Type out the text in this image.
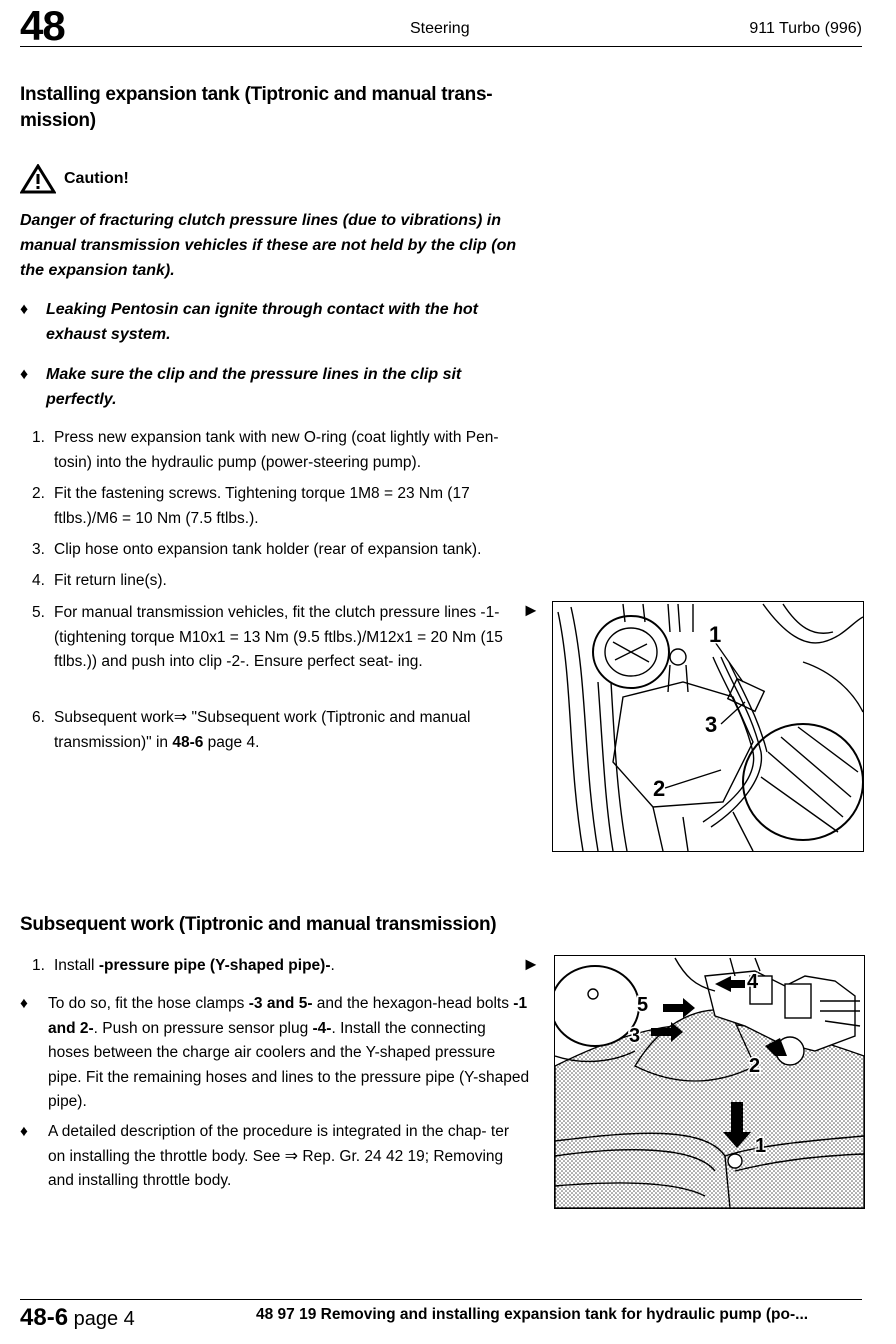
48	Steering	911 Turbo (996)
Installing expansion tank (Tiptronic and manual trans- mission)
Caution!
Danger of fracturing clutch pressure lines (due to vibrations) in manual transmission vehicles if these are not held by the clip (on the expansion tank).
♦	Leaking Pentosin can ignite through contact with the hot exhaust system.
♦	Make sure the clip and the pressure lines in the clip sit perfectly.
1. Press new expansion tank with new O-ring (coat lightly with Pen- tosin) into the hydraulic pump (power-steering pump).
2. Fit the fastening screws. Tightening torque 1M8 = 23 Nm (17 ftlbs.)/M6 = 10 Nm (7.5 ftlbs.).
3. Clip hose onto expansion tank holder (rear of expansion tank).
4. Fit return line(s).
5. For manual transmission vehicles, fit the clutch pressure lines -1- (tightening torque M10x1 = 13 Nm (9.5 ftlbs.)/M12x1 = 20 Nm (15 ftlbs.)) and push into clip -2-. Ensure perfect seat- ing.
6. Subsequent work⇒ "Subsequent work (Tiptronic and manual transmission)" in 48-6 page 4.
►
1
2
3
Subsequent work (Tiptronic and manual transmission)
1. Install -pressure pipe (Y-shaped pipe)-.
♦	To do so, fit the hose clamps -3 and 5- and the hexagon-head bolts -1 and 2-. Push on pressure sensor plug -4-. Install the connecting hoses between the charge air coolers and the Y-shaped pressure pipe. Fit the remaining hoses and lines to the pressure pipe (Y-shaped pipe).
♦	A detailed description of the procedure is integrated in the chap- ter on installing the throttle body. See ⇒ Rep. Gr. 24 42 19; Removing and installing throttle body.
►
1
2
3
4
5
48-6 page 4	48 97 19 Removing and installing expansion tank for hydraulic pump (po-...
